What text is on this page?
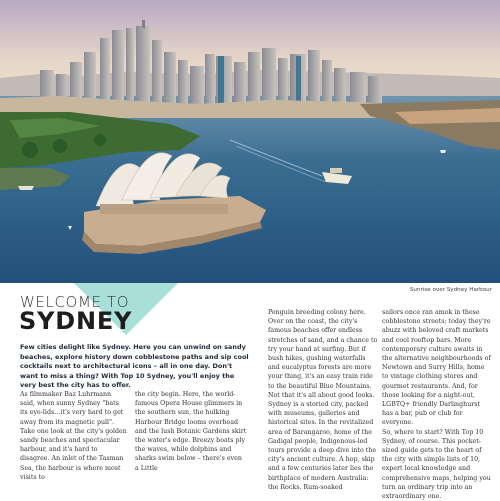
Sunrise over Sydney Harbour
WELCOME TO
SYDNEY
Few cities delight like Sydney. Here you can unwind on sandy beaches, explore history down cobblestone paths and sip cool cocktails next to architectural icons – all in one day. Don't want to miss a thing? With Top 10 Sydney, you'll enjoy the very best the city has to offer.
As filmmaker Baz Luhrmann said, when sunny Sydney "bats its eye-lids…it's very hard to get away from its magnetic pull". Take one look at the city's golden sandy beaches and spectacular harbour, and it's hard to disagree. An inlet of the Tasman Sea, the harbour is where most visits to
the city begin. Here, the world-famous Opera House glimmers in the southern sun, the hulking Harbour Bridge looms overhead and the lush Botanic Gardens skirt the water's edge. Breezy boats ply the waves, while dolphins and sharks swim below – there's even a Little
Penguin breeding colony here. Over on the coast, the city's famous beaches offer endless stretches of sand, and a chance to try your hand at surfing. But if bush hikes, gushing waterfalls and eucalyptus forests are more your thing, it's an easy train ride to the beautiful Blue Mountains.
Not that it's all about good looks. Sydney is a storied city, packed with museums, galleries and historical sites. In the revitalized area of Barangaroo, home of the Gadigal people, Indigenous-led tours provide a deep dive into the city's ancient culture. A hop, skip and a few centuries later lies the birthplace of modern Australia: the Rocks. Rum-soaked
sailors once ran amok in these cobblestone streets; today they're abuzz with beloved craft markets and cool rooftop bars. More contemporary culture awaits in the alternative neighbourhoods of Newtown and Surry Hills, home to vintage clothing stores and gourmet restaurants. And, for those looking for a night-out, LGBTQ+ friendly Darlinghurst has a bar, pub or club for everyone.
So, where to start? With Top 10 Sydney, of course. This pocket-sized guide gets to the heart of the city with simple lists of 10, expert local knowledge and comprehensive maps, helping you turn an ordinary trip into an extraordinary one.
